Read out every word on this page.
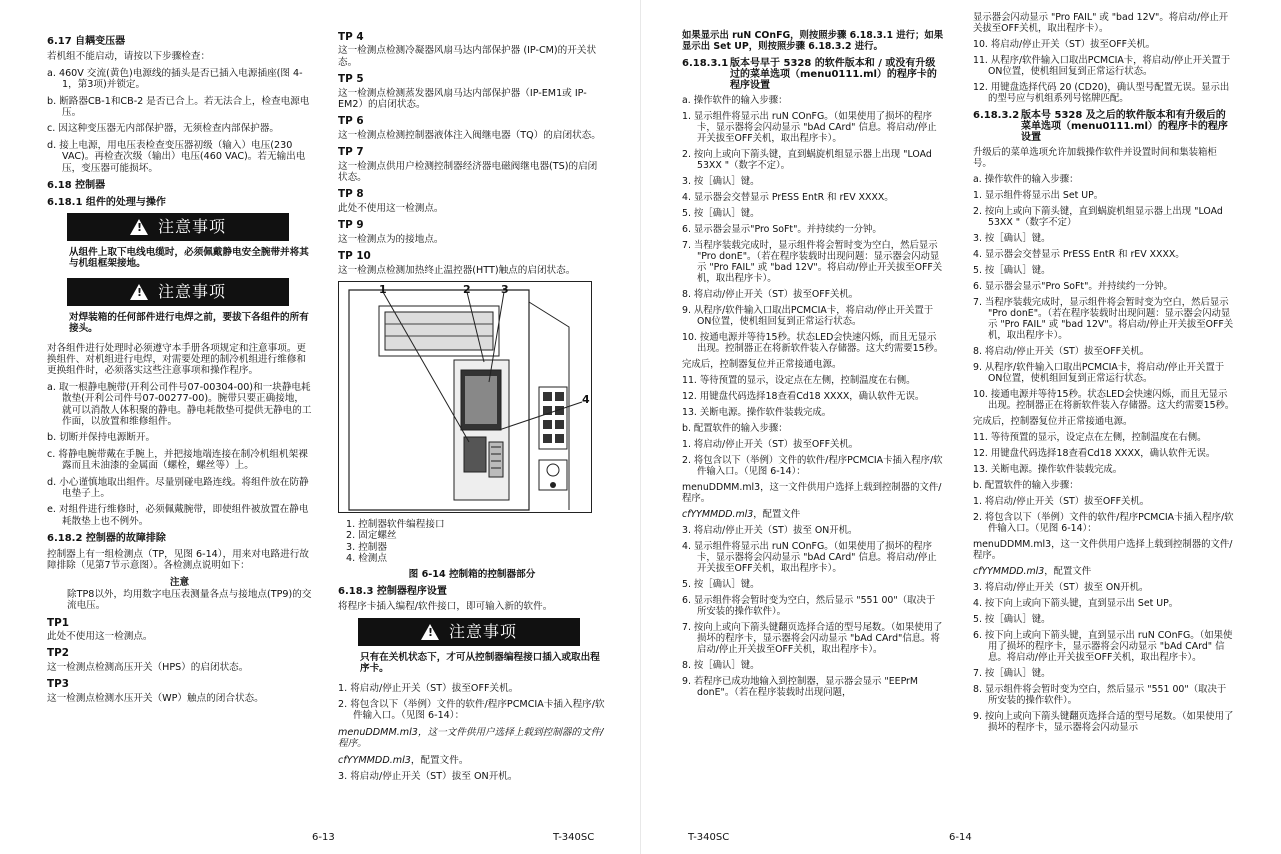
6.17 自耦变压器

若机组不能启动，请按以下步骤检查：

a. 460V 交流(黄色)电源线的插头是否已插入电源插座(图 4-1，第3项)并锁定。

b. 断路器CB-1和CB-2 是否已合上。若无法合上，检查电源电压。

c. 因这种变压器无内部保护器，无须检查内部保护器。

d. 接上电源，用电压表检查变压器初级（输入）电压(230 VAC)。再检查次级（输出）电压(460 VAC)。若无输出电压，变压器可能损坏。

6.18 控制器
6.18.1 组件的处理与操作
! 注意事项
从组件上取下电线电缆时，必须佩戴静电安全腕带并将其与机组框架接地。
! 注意事项
对焊装箱的任何部件进行电焊之前，要拔下各组件的所有接头。

对各组件进行处理时必须遵守本手册各项规定和注意事项。更换组件、对机组进行电焊，对需要处理的制冷机组进行维修和更换组件时，必须落实这些注意事项和操作程序。

a. 取一根静电腕带(开利公司件号07-00304-00)和一块静电耗散垫(开利公司件号07-00277-00)。腕带只要正确接地，就可以消散人体积聚的静电。静电耗散垫可提供无静电的工作面，以放置和维修组件。

b. 切断并保持电源断开。

c. 将静电腕带戴在手腕上，并把接地端连接在制冷机组机架裸露而且未油漆的金属面（螺栓，螺丝等）上。

d. 小心谨慎地取出组件。尽量别碰电路连线。将组件放在防静电垫子上。

e. 对组件进行维修时，必须佩戴腕带，即使组件被放置在静电耗散垫上也不例外。

6.18.2 控制器的故障排除

控制器上有一组检测点（TP，见图 6-14），用来对电路进行故障排除（见第7节示意图）。各检测点说明如下：

注意

除TP8以外，均用数字电压表测量各点与接地点(TP9)的交流电压。

TP1

此处不使用这一检测点。

TP2

这一检测点检测高压开关（HPS）的启闭状态。

TP3

这一检测点检测水压开关（WP）触点的闭合状态。

TP 4

这一检测点检测冷凝器风扇马达内部保护器 (IP-CM)的开关状态。

TP 5

这一检测点检测蒸发器风扇马达内部保护器（IP-EM1或 IP-EM2）的启闭状态。

TP 6

这一检测点检测控制器液体注入阀继电器（TQ）的启闭状态。

TP 7

这一检测点供用户检测控制器经济器电磁阀继电器(TS)的启闭状态。

TP 8

此处不使用这一检测点。

TP 9

这一检测点为的接地点。

TP 10

这一检测点检测加热终止温控器(HTT)触点的启闭状态。

1	2	3
4

1. 控制器软件编程接口

2. 固定螺丝

3. 控制器

4. 检测点

图 6-14 控制箱的控制器部分
6.18.3 控制器程序设置

将程序卡插入编程/软件接口，即可输入新的软件。

! 注意事项
只有在关机状态下，才可从控制器编程接口插入或取出程序卡。

1. 将启动/停止开关（ST）拔至OFF关机。

2. 将包含以下（举例）文件的软件/程序PCMCIA卡插入程序/软件输入口。（见图 6-14）：

menuDDMM.ml3，这一文件供用户选择上载到控制器的文件/程序。

cfYYMMDD.ml3，配置文件。

3. 将启动/停止开关（ST）拔至 ON开机。

如果显示出 ruN COnFG，则按照步骤 6.18.3.1 进行；如果显示出 Set UP，则按照步骤 6.18.3.2 进行。

6.18.3.1 版本号早于 5328 的软件版本和 / 或没有升级过的菜单选项（menu0111.ml）的程序卡的程序设置

a. 操作软件的输入步骤：

1. 显示组件将显示出 ruN COnFG。（如果使用了损坏的程序卡，显示器将会闪动显示 "bAd CArd" 信息。将启动/停止开关拔至OFF关机，取出程序卡）。

2. 按向上或向下箭头键，直到蜗旋机组显示器上出现 "LOAd 53XX "（数字不定）。

3. 按［确认］键。

4. 显示器会交替显示 PrESS EntR 和 rEV XXXX。

5. 按［确认］键。

6. 显示器会显示"Pro SoFt"。并持续约一分钟。

7. 当程序装载完成时，显示组件将会暂时变为空白，然后显示 "Pro donE"。（若在程序装载时出现问题：显示器会闪动显示 "Pro FAIL" 或 "bad 12V"。将启动/停止开关拔至OFF关机，取出程序卡）。

8. 将启动/停止开关（ST）拔至OFF关机。

9. 从程序/软件输入口取出PCMCIA卡，将启动/停止开关置于ON位置，使机组回复到正常运行状态。

10. 按通电源并等待15秒。状态LED会快速闪烁，而且无显示出现。控制器正在将新软件装入存储器。这大约需要15秒。

完成后，控制器复位并正常接通电源。

11. 等待预置的显示，设定点在左侧，控制温度在右侧。

12. 用键盘代码选择18查看Cd18 XXXX，确认软件无误。

13. 关断电源。操作软件装载完成。

b. 配置软件的输入步骤：

1. 将启动/停止开关（ST）拔至OFF关机。

2. 将包含以下（举例）文件的软件/程序PCMCIA卡插入程序/软件输入口。（见图 6-14）：

menuDDMM.ml3，这一文件供用户选择上载到控制器的文件/程序。

cfYYMMDD.ml3，配置文件

3. 将启动/停止开关（ST）拔至 ON开机。

4. 显示组件将显示出 ruN COnFG。（如果使用了损坏的程序卡，显示器将会闪动显示 "bAd CArd" 信息。将启动/停止开关拔至OFF关机，取出程序卡）。

5. 按［确认］键。

6. 显示组件将会暂时变为空白，然后显示 "551 00"（取决于所安装的操作软件）。

7. 按向上或向下箭头键翻页选择合适的型号尾数。（如果使用了损坏的程序卡，显示器将会闪动显示 "bAd CArd"信息。将启动/停止开关拔至OFF关机，取出程序卡）。

8. 按［确认］键。

9. 若程序已成功地输入到控制器，显示器会显示 "EEPrM donE"。（若在程序装载时出现问题，

显示器会闪动显示 "Pro FAIL" 或 "bad 12V"。将启动/停止开关拔至OFF关机，取出程序卡）。

10. 将启动/停止开关（ST）拔至OFF关机。

11. 从程序/软件输入口取出PCMCIA卡，将启动/停止开关置于ON位置，使机组回复到正常运行状态。

12. 用键盘选择代码 20 (CD20)，确认型号配置无误。显示出的型号应与机组系列号铭牌匹配。

6.18.3.2 版本号 5328 及之后的软件版本和有升级后的菜单选项（menu0111.ml）的程序卡的程序设置

升级后的菜单选项允许加载操作软件并设置时间和集装箱柜号。

a. 操作软件的输入步骤：

1. 显示组件将显示出 Set UP。

2. 按向上或向下箭头键，直到蜗旋机组显示器上出现 "LOAd 53XX "（数字不定）

3. 按［确认］键。

4. 显示器会交替显示 PrESS EntR 和 rEV XXXX。

5. 按［确认］键。

6. 显示器会显示"Pro SoFt"。并持续约一分钟。

7. 当程序装载完成时，显示组件将会暂时变为空白，然后显示 "Pro donE"。（若在程序装载时出现问题：显示器会闪动显示 "Pro FAIL" 或 "bad 12V"。将启动/停止开关拔至OFF关机，取出程序卡）。

8. 将启动/停止开关（ST）拔至OFF关机。

9. 从程序/软件输入口取出PCMCIA卡，将启动/停止开关置于ON位置，使机组回复到正常运行状态。

10. 接通电源并等待15秒。状态LED会快速闪烁，而且无显示出现。控制器正在将新软件装入存储器。这大约需要15秒。

完成后，控制器复位并正常接通电源。

11. 等待预置的显示，设定点在左侧，控制温度在右侧。

12. 用键盘代码选择18查看Cd18 XXXX，确认软件无误。

13. 关断电源。操作软件装载完成。

b. 配置软件的输入步骤：

1. 将启动/停止开关（ST）拔至OFF关机。

2. 将包含以下（举例）文件的软件/程序PCMCIA卡插入程序/软件输入口。（见图 6-14）：

menuDDMM.ml3，这一文件供用户选择上载到控制器的文件/程序。

cfYYMMDD.ml3，配置文件

3. 将启动/停止开关（ST）拔至 ON开机。

4. 按下向上或向下箭头键，直到显示出 Set UP。

5. 按［确认］键。

6. 按下向上或向下箭头键，直到显示出 ruN COnFG。（如果使用了损坏的程序卡，显示器将会闪动显示 "bAd CArd" 信息。将启动/停止开关拔至OFF关机，取出程序卡）。

7. 按［确认］键。

8. 显示组件将会暂时变为空白，然后显示 "551 00"（取决于所安装的操作软件）。

9. 按向上或向下箭头键翻页选择合适的型号尾数。（如果使用了损坏的程序卡，显示器将会闪动显示

6-13	T-340SC	T-340SC	6-14
